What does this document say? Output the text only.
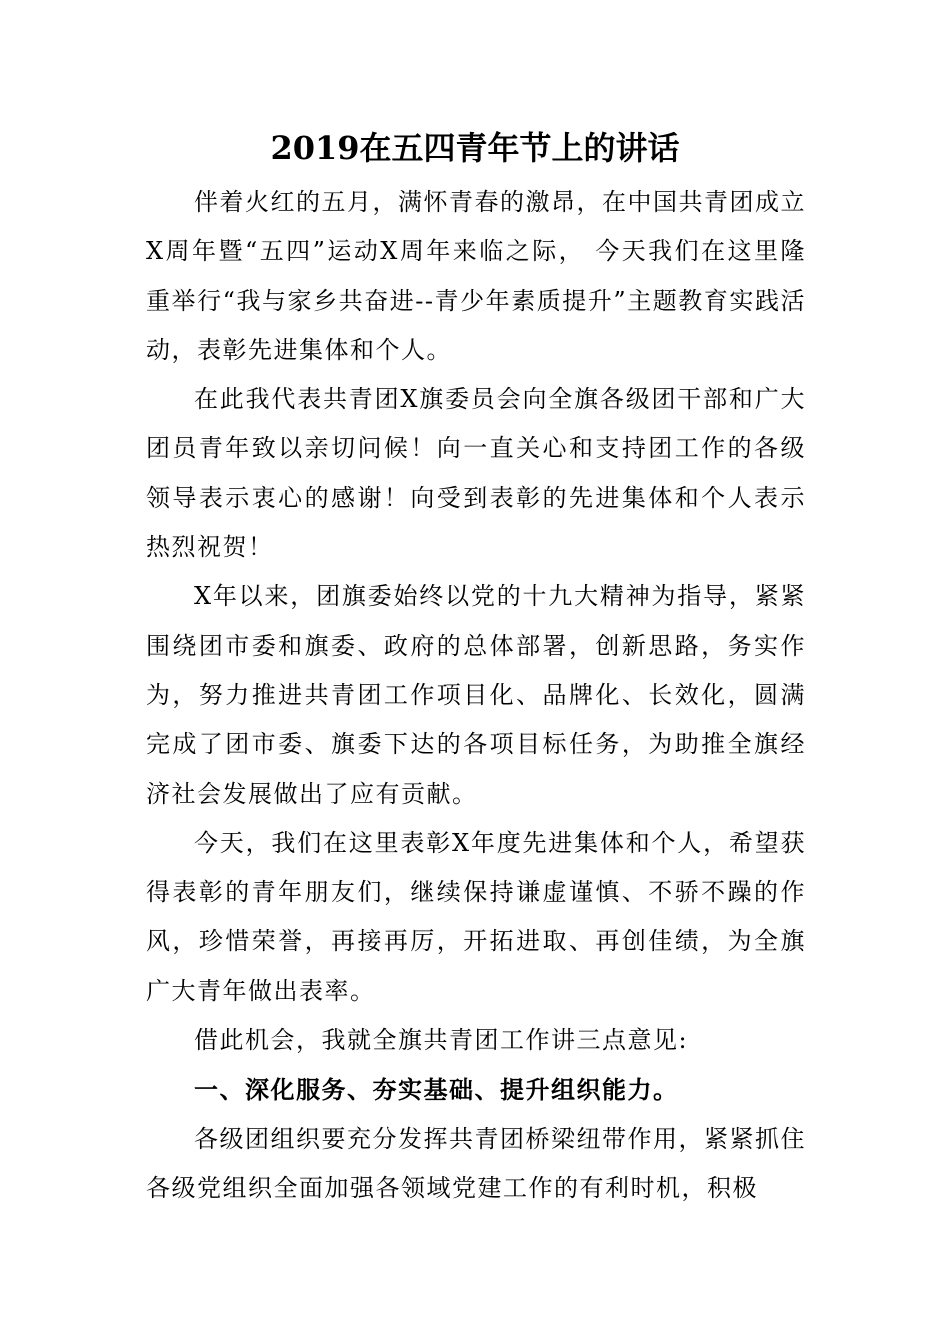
2019在五四青年节上的讲话

伴着火红的五月，满怀青春的激昂，在中国共青团成立X周年暨“五四”运动X周年来临之际， 今天我们在这里隆重举行“我与家乡共奋进--青少年素质提升”主题教育实践活动，表彰先进集体和个人。

在此我代表共青团X旗委员会向全旗各级团干部和广大团员青年致以亲切问候！向一直关心和支持团工作的各级领导表示衷心的感谢！向受到表彰的先进集体和个人表示热烈祝贺！

X年以来，团旗委始终以党的十九大精神为指导，紧紧围绕团市委和旗委、政府的总体部署，创新思路，务实作为，努力推进共青团工作项目化、品牌化、长效化，圆满完成了团市委、旗委下达的各项目标任务，为助推全旗经济社会发展做出了应有贡献。

今天，我们在这里表彰X年度先进集体和个人，希望获得表彰的青年朋友们，继续保持谦虚谨慎、不骄不躁的作风，珍惜荣誉，再接再厉，开拓进取、再创佳绩，为全旗广大青年做出表率。

借此机会，我就全旗共青团工作讲三点意见:

一、深化服务、夯实基础、提升组织能力。

各级团组织要充分发挥共青团桥梁纽带作用，紧紧抓住各级党组织全面加强各领域党建工作的有利时机，积极
